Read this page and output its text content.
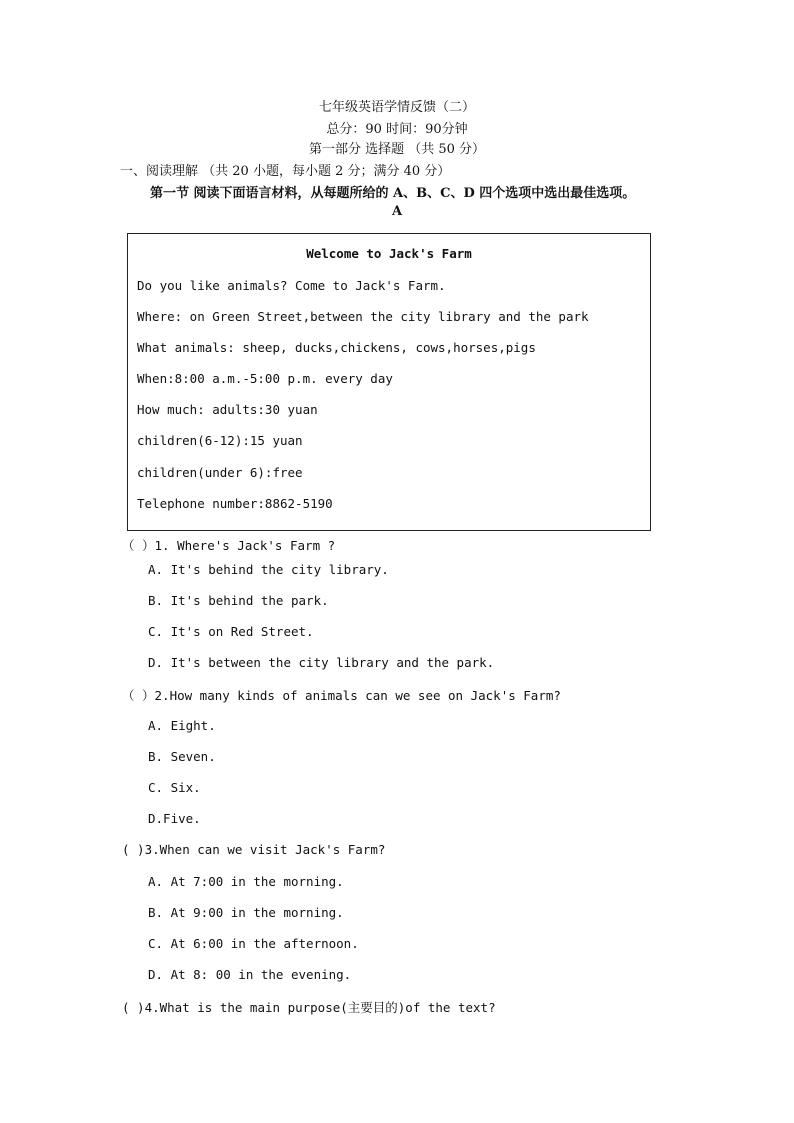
七年级英语学情反馈（二）
总分：90 时间：90分钟
第一部分 选择题 （共 50 分）
一、阅读理解 （共 20 小题，每小题 2 分；满分 40 分）
第一节 阅读下面语言材料，从每题所给的 A、B、C、D 四个选项中选出最佳选项。
A
Welcome to Jack's Farm
Do you like animals? Come to Jack's Farm.
Where: on Green Street,between the city library and the park
What animals: sheep, ducks,chickens, cows,horses,pigs
When:8:00 a.m.-5:00 p.m. every day
How much: adults:30 yuan
children(6-12):15 yuan
children(under 6):free
Telephone number:8862-5190
（ ）1. Where's Jack's Farm ?
A. It's behind the city library.
B. It's behind the park.
C. It's on Red Street.
D. It's between the city library and the park.
（ ）2.How many kinds of animals can we see on Jack's Farm?
A. Eight.
B. Seven.
C. Six.
D.Five.
( )3.When can we visit Jack's Farm?
A. At 7:00 in the morning.
B. At 9:00 in the morning.
C. At 6:00 in the afternoon.
D. At 8: 00 in the evening.
( )4.What is the main purpose(主要目的)of the text?
